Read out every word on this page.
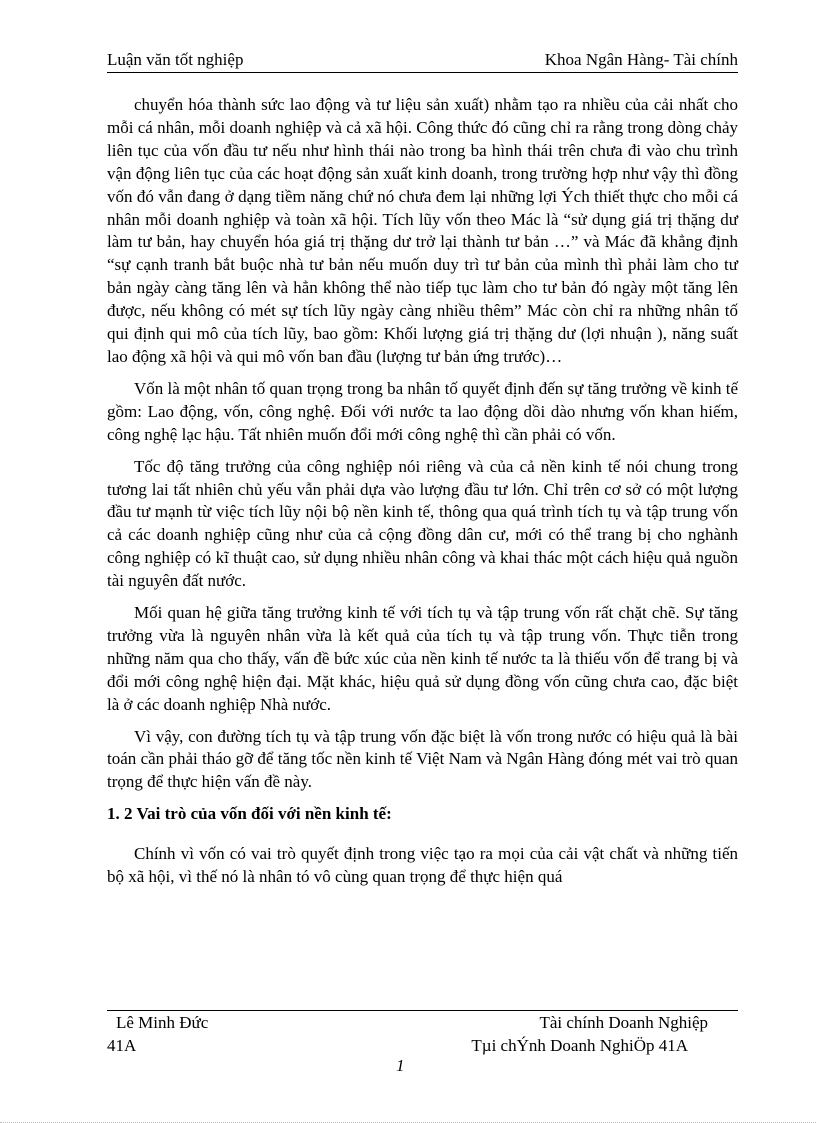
Luận văn tốt nghiệp	Khoa Ngân Hàng- Tài chính

chuyển hóa thành sức lao động và tư liệu sản xuất) nhằm tạo ra nhiều của cải nhất cho mỗi cá nhân, mỗi doanh nghiệp và cả xã hội. Công thức đó cũng chỉ ra rằng trong dòng chảy liên tục của vốn đầu tư nếu như hình thái nào trong ba hình thái trên chưa đi vào chu trình vận động liên tục của các hoạt động sản xuất kinh doanh, trong trường hợp như vậy thì đồng vốn đó vẫn đang ở dạng tiềm năng chứ nó chưa đem lại những lợi Ých thiết thực cho mỗi cá nhân mỗi doanh nghiệp và toàn xã hội. Tích lũy vốn theo Mác là “sử dụng giá trị thặng dư làm tư bản, hay chuyển hóa giá trị thặng dư trở lại thành tư bản …” và Mác đã khẳng định “sự cạnh tranh bắt buộc nhà tư bản nếu muốn duy trì tư bản của mình thì phải làm cho tư bản ngày càng tăng lên và hẳn không thể nào tiếp tục làm cho tư bản đó ngày một tăng lên được, nếu không có mét sự tích lũy ngày càng nhiều thêm” Mác còn chỉ ra những nhân tố qui định qui mô của tích lũy, bao gồm: Khối lượng giá trị thặng dư (lợi nhuận ), năng suất lao động xã hội và qui mô vốn ban đầu (lượng tư bản ứng trước)…

Vốn là một nhân tố quan trọng trong ba nhân tố quyết định đến sự tăng trưởng về kinh tế gồm: Lao động, vốn, công nghệ. Đối với nước ta lao động dồi dào nhưng vốn khan hiếm, công nghệ lạc hậu. Tất nhiên muốn đổi mới công nghệ thì cần phải có vốn.

Tốc độ tăng trưởng của công nghiệp nói riêng và của cả nền kinh tế nói chung trong tương lai tất nhiên chủ yếu vẫn phải dựa vào lượng đầu tư lớn. Chỉ trên cơ sở có một lượng đầu tư mạnh từ việc tích lũy nội bộ nền kinh tế, thông qua quá trình tích tụ và tập trung vốn cả các doanh nghiệp cũng như của cả cộng đồng dân cư, mới có thể trang bị cho nghành công nghiệp có kĩ thuật cao, sử dụng nhiều nhân công và khai thác một cách hiệu quả nguồn tài nguyên đất nước.

Mối quan hệ giữa tăng trưởng kinh tế với tích tụ và tập trung vốn rất chặt chẽ. Sự tăng trưởng vừa là nguyên nhân vừa là kết quả của tích tụ và tập trung vốn. Thực tiễn trong những năm qua cho thấy, vấn đề bức xúc của nền kinh tế nước ta là thiếu vốn để trang bị và đổi mới công nghệ hiện đại. Mặt khác, hiệu quả sử dụng đồng vốn cũng chưa cao, đặc biệt là ở các doanh nghiệp Nhà nước.

Vì vậy, con đường tích tụ và tập trung vốn đặc biệt là vốn trong nước có hiệu quả là bài toán cần phải tháo gỡ để tăng tốc nền kinh tế Việt Nam và Ngân Hàng đóng mét vai trò quan trọng để thực hiện vấn đề này.

1. 2 Vai trò của vốn đối với nền kinh tế:

Chính vì vốn có vai trò quyết định trong việc tạo ra mọi của cải vật chất và những tiến bộ xã hội, vì thế nó là nhân tó vô cùng quan trọng để thực hiện quá

Lê Minh Đức
41A
Tài chính Doanh Nghiệp
Tµi chÝnh Doanh NghiÖp 41A
1
